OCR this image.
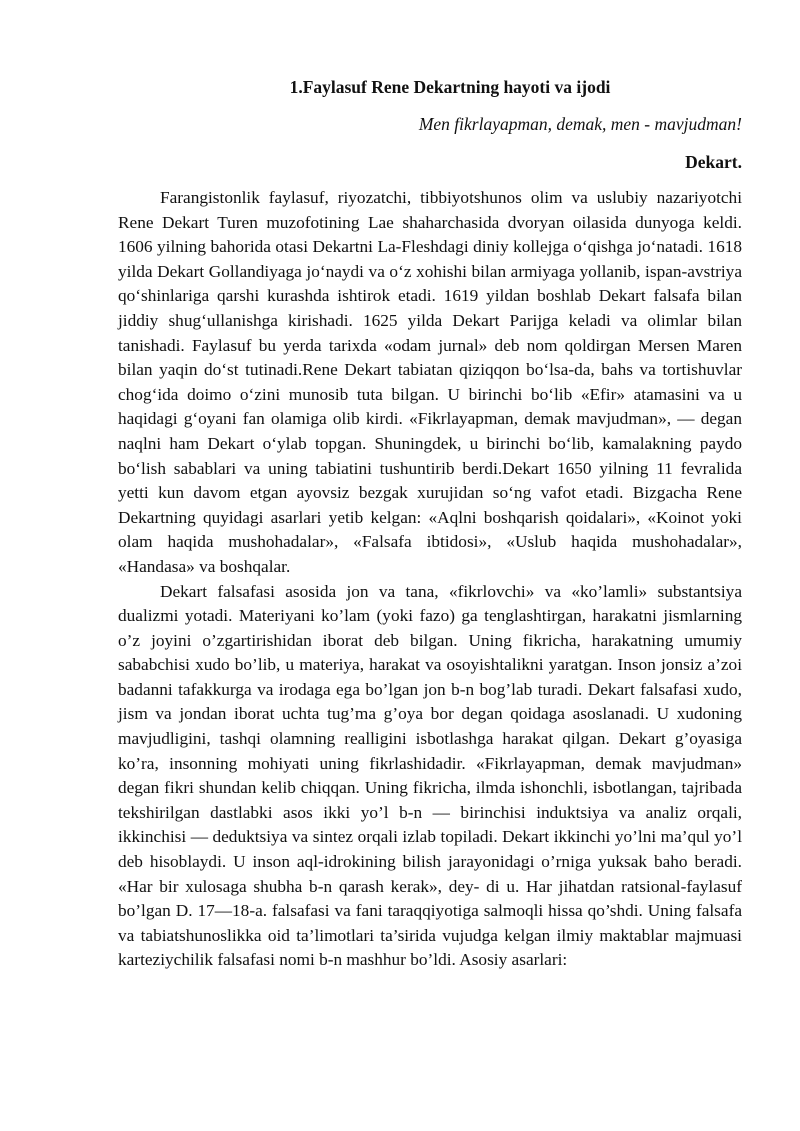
1.Faylasuf Rene Dekartning hayoti va ijodi
Men fikrlayapman, demak, men - mavjudman!
Dekart.

Farangistonlik faylasuf, riyozatchi, tibbiyotshunos olim va uslubiy nazariyotchi Rene Dekart Turen muzofotining Lae shaharchasida dvoryan oilasida dunyoga keldi. 1606 yilning bahorida otasi Dekartni La-Fleshdagi diniy kollejga o‘qishga jo‘natadi. 1618 yilda Dekart Gollandiyaga jo‘naydi va o‘z xohishi bilan armiyaga yollanib, ispan-avstriya qo‘shinlariga qarshi kurashda ishtirok etadi. 1619 yildan boshlab Dekart falsafa bilan jiddiy shug‘ullanishga kirishadi. 1625 yilda Dekart Parijga keladi va olimlar bilan tanishadi. Faylasuf bu yerda tarixda «odam jurnal» deb nom qoldirgan Mersen Maren bilan yaqin do‘st tutinadi.Rene Dekart tabiatan qiziqqon bo‘lsa-da, bahs va tortishuvlar chog‘ida doimo o‘zini munosib tuta bilgan. U birinchi bo‘lib «Efir» atamasini va u haqidagi g‘oyani fan olamiga olib kirdi. «Fikrlayapman, demak mavjudman», — degan naqlni ham Dekart o‘ylab topgan. Shuningdek, u birinchi bo‘lib, kamalakning paydo bo‘lish sabablari va uning tabiatini tushuntirib berdi.Dekart 1650 yilning 11 fevralida yetti kun davom etgan ayovsiz bezgak xurujidan so‘ng vafot etadi. Bizgacha Rene Dekartning quyidagi asarlari yetib kelgan: «Aqlni boshqarish qoidalari», «Koinot yoki olam haqida mushohadalar», «Falsafa ibtidosi», «Uslub haqida mushohadalar», «Handasa» va boshqalar.

Dekart falsafasi asosida jon va tana, «fikrlovchi» va «ko’lamli» substantsiya dualizmi yotadi. Materiyani ko’lam (yoki fazo) ga tenglashtirgan, harakatni jismlarning o’z joyini o’zgartirishidan iborat deb bilgan. Uning fikricha, harakatning umumiy sababchisi xudo bo’lib, u materiya, harakat va osoyishtalikni yaratgan. Inson jonsiz a’zoi badanni tafakkurga va irodaga ega bo’lgan jon b-n bog’lab turadi. Dekart falsafasi xudo, jism va jondan iborat uchta tug’ma g’oya bor degan qoidaga asoslanadi. U xudoning mavjudligini, tashqi olamning realligini isbotlashga harakat qilgan. Dekart g’oyasiga ko’ra, insonning mohiyati uning fikrlashidadir. «Fikrlayapman, demak mavjudman» degan fikri shundan kelib chiqqan. Uning fikricha, ilmda ishonchli, isbotlangan, tajribada tekshirilgan dastlabki asos ikki yo’l b-n — birinchisi induktsiya va analiz orqali, ikkinchisi — deduktsiya va sintez orqali izlab topiladi. Dekart ikkinchi yo’lni ma’qul yo’l deb hisoblaydi. U inson aql-idrokining bilish jarayonidagi o’rniga yuksak baho beradi. «Har bir xulosaga shubha b-n qarash kerak», dey- di u. Har jihatdan ratsional-faylasuf bo’lgan D. 17—18-a. falsafasi va fani taraqqiyotiga salmoqli hissa qo’shdi. Uning falsafa va tabiatshunoslikka oid ta’limotlari ta’sirida vujudga kelgan ilmiy maktablar majmuasi karteziychilik falsafasi nomi b-n mashhur bo’ldi. Asosiy asarlari:
